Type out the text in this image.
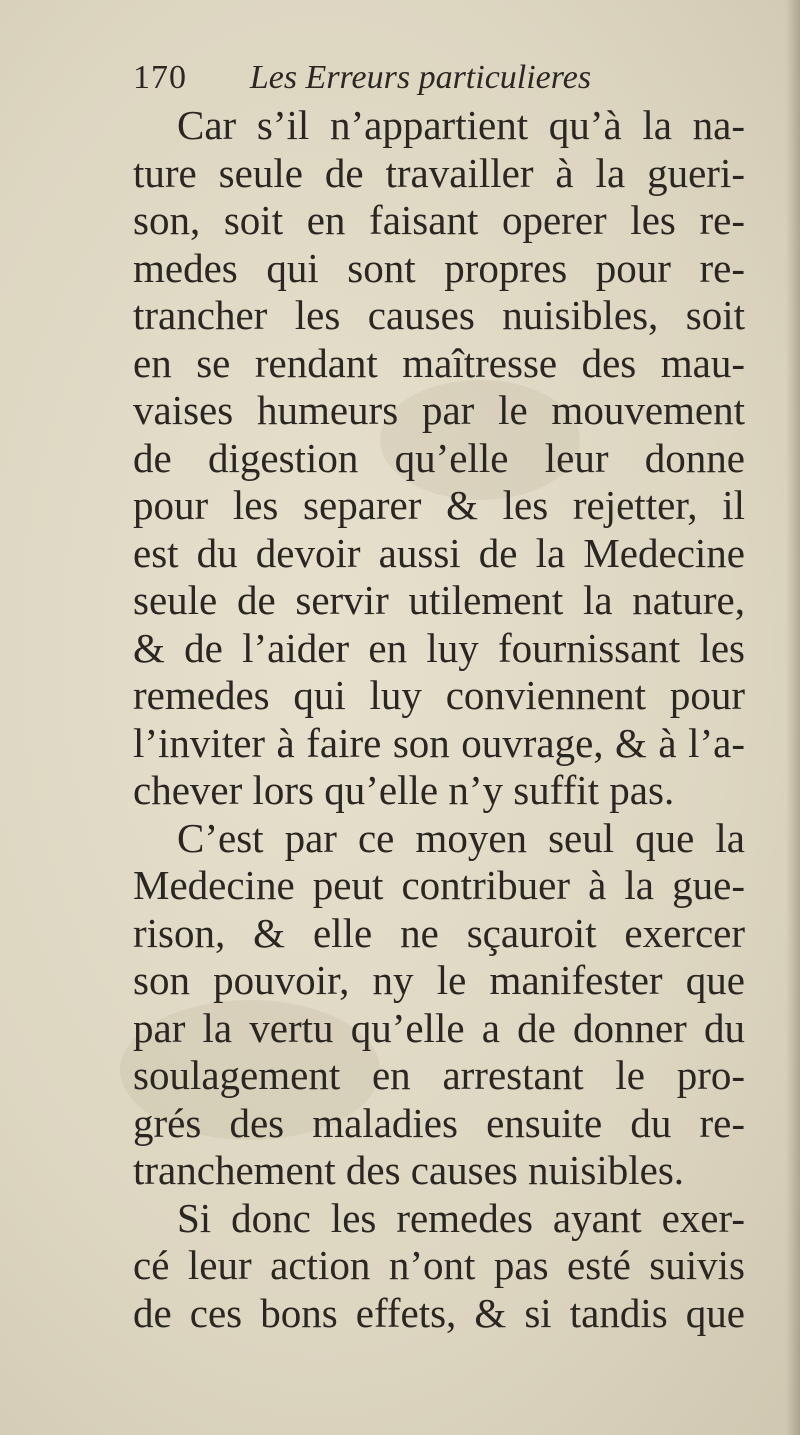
170 Les Erreurs particulieres
Car s’il n’appartient qu’à la na-
ture seule de travailler à la gueri-
son, soit en faisant operer les re-
medes qui sont propres pour re-
trancher les causes nuisibles, soit
en se rendant maîtresse des mau-
vaises humeurs par le mouvement
de digestion qu’elle leur donne
pour les separer & les rejetter, il
est du devoir aussi de la Medecine
seule de servir utilement la nature,
& de l’aider en luy fournissant les
remedes qui luy conviennent pour
l’inviter à faire son ouvrage, & à l’a-
chever lors qu’elle n’y suffit pas.
C’est par ce moyen seul que la
Medecine peut contribuer à la gue-
rison, & elle ne sçauroit exercer
son pouvoir, ny le manifester que
par la vertu qu’elle a de donner du
soulagement en arrestant le pro-
grés des maladies ensuite du re-
tranchement des causes nuisibles.
Si donc les remedes ayant exer-
cé leur action n’ont pas esté suivis
de ces bons effets, & si tandis que
